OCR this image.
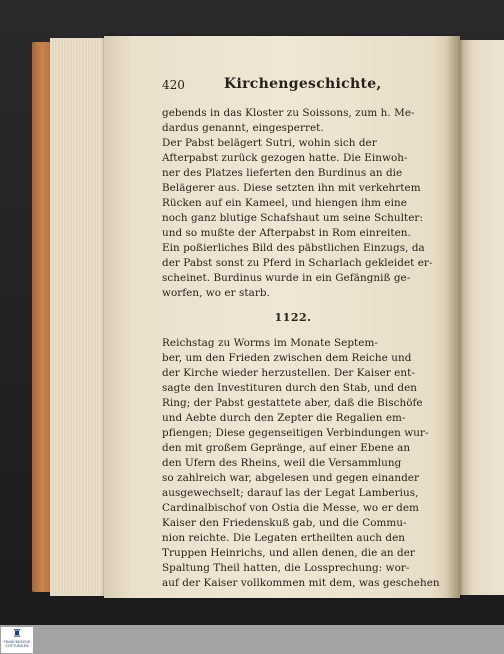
420	Kirchengeschichte,
gebends in das Kloster zu Soissons, zum h. Me-
dardus genannt, eingesperret.
Der Pabst belägert Sutri, wohin sich der
Afterpabst zurück gezogen hatte. Die Einwoh-
ner des Platzes lieferten den Burdinus an die
Belägerer aus. Diese setzten ihn mit verkehrtem
Rücken auf ein Kameel, und hiengen ihm eine
noch ganz blutige Schafshaut um seine Schulter:
und so mußte der Afterpabst in Rom einreiten.
Ein poßierliches Bild des päbstlichen Einzugs, da
der Pabst sonst zu Pferd in Scharlach gekleidet er-
scheinet. Burdinus wurde in ein Gefängniß ge-
worfen, wo er starb.
1122.
Reichstag zu Worms im Monate Septem-
ber, um den Frieden zwischen dem Reiche und
der Kirche wieder herzustellen. Der Kaiser ent-
sagte den Investituren durch den Stab, und den
Ring; der Pabst gestattete aber, daß die Bischöfe
und Aebte durch den Zepter die Regalien em-
pfiengen; Diese gegenseitigen Verbindungen wur-
den mit großem Gepränge, auf einer Ebene an
den Ufern des Rheins, weil die Versammlung
so zahlreich war, abgelesen und gegen einander
ausgewechselt; darauf las der Legat Lamberius,
Cardinalbischof von Ostia die Messe, wo er dem
Kaiser den Friedenskuß gab, und die Commu-
nion reichte. Die Legaten ertheilten auch den
Truppen Heinrichs, und allen denen, die an der
Spaltung Theil hatten, die Lossprechung: wor-
auf der Kaiser vollkommen mit dem, was geschehen
♜
FRANCKESCHE STIFTUNGEN
